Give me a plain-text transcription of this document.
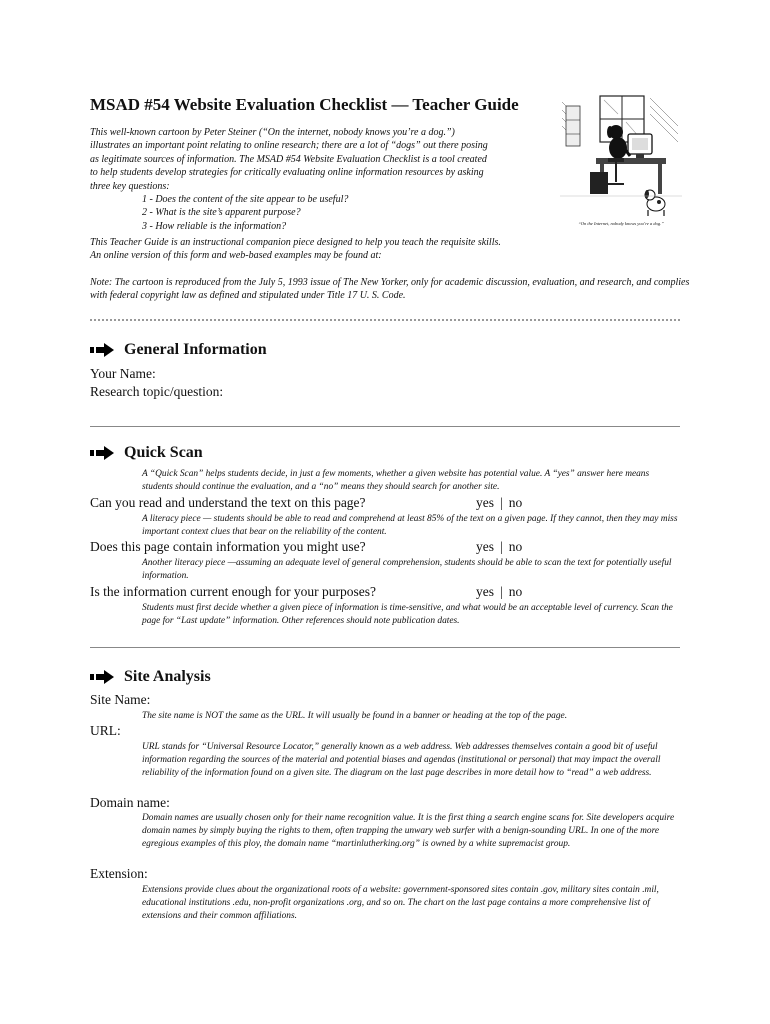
MSAD #54 Website Evaluation Checklist — Teacher Guide

This well-known cartoon by Peter Steiner (“On the internet, nobody knows you’re a dog.”)

illustrates an important point relating to online research; there are a lot of “dogs” out there posing

as legitimate sources of information. The MSAD #54 Website Evaluation Checklist is a tool created

to help students develop strategies for critically evaluating online information resources by asking

three key questions:

1 - Does the content of the site appear to be useful?

2 - What is the site’s apparent purpose?

3 - How reliable is the information?

This Teacher Guide is an instructional companion piece designed to help you teach the requisite skills.

An online version of this form and web-based examples may be found at:

Note: The cartoon is reproduced from the July 5, 1993 issue of The New Yorker, only for academic discussion, evaluation, and research, and complies with federal copyright law as defined and stipulated under Title 17 U. S. Code.

“On the Internet, nobody knows you’re a dog.”
General Information
Your Name:
Research topic/question:
Quick Scan

A “Quick Scan” helps students decide, in just a few moments, whether a given website has potential value. A “yes” answer here means students should continue the evaluation, and a “no” means they should search for another site.

Can you read and understand the text on this page?	yes | no

A literacy piece — students should be able to read and comprehend at least 85% of the text on a given page. If they cannot, then they may miss important context clues that bear on the reliability of the content.

Does this page contain information you might use?	yes | no

Another literacy piece —assuming an adequate level of general comprehension, students should be able to scan the text for potentially useful information.

Is the information current enough for your purposes?	yes | no

Students must first decide whether a given piece of information is time-sensitive, and what would be an acceptable level of currency. Scan the page for “Last update” information. Other references should note publication dates.

Site Analysis
Site Name:

The site name is NOT the same as the URL. It will usually be found in a banner or heading at the top of the page.

URL:

URL stands for “Universal Resource Locator,” generally known as a web address. Web addresses themselves contain a good bit of useful information regarding the sources of the material and potential biases and agendas (institutional or personal) that may impact the overall reliability of the information found on a given site. The diagram on the last page describes in more detail how to “read” a web address.

Domain name:

Domain names are usually chosen only for their name recognition value. It is the first thing a search engine scans for. Site developers acquire domain names by simply buying the rights to them, often trapping the unwary web surfer with a benign-sounding URL. In one of the more egregious examples of this ploy, the domain name “martinlutherking.org” is owned by a white supremacist group.

Extension:

Extensions provide clues about the organizational roots of a website: government-sponsored sites contain .gov, military sites contain .mil, educational institutions .edu, non-profit organizations .org, and so on. The chart on the last page contains a more comprehensive list of extensions and their common affiliations.
